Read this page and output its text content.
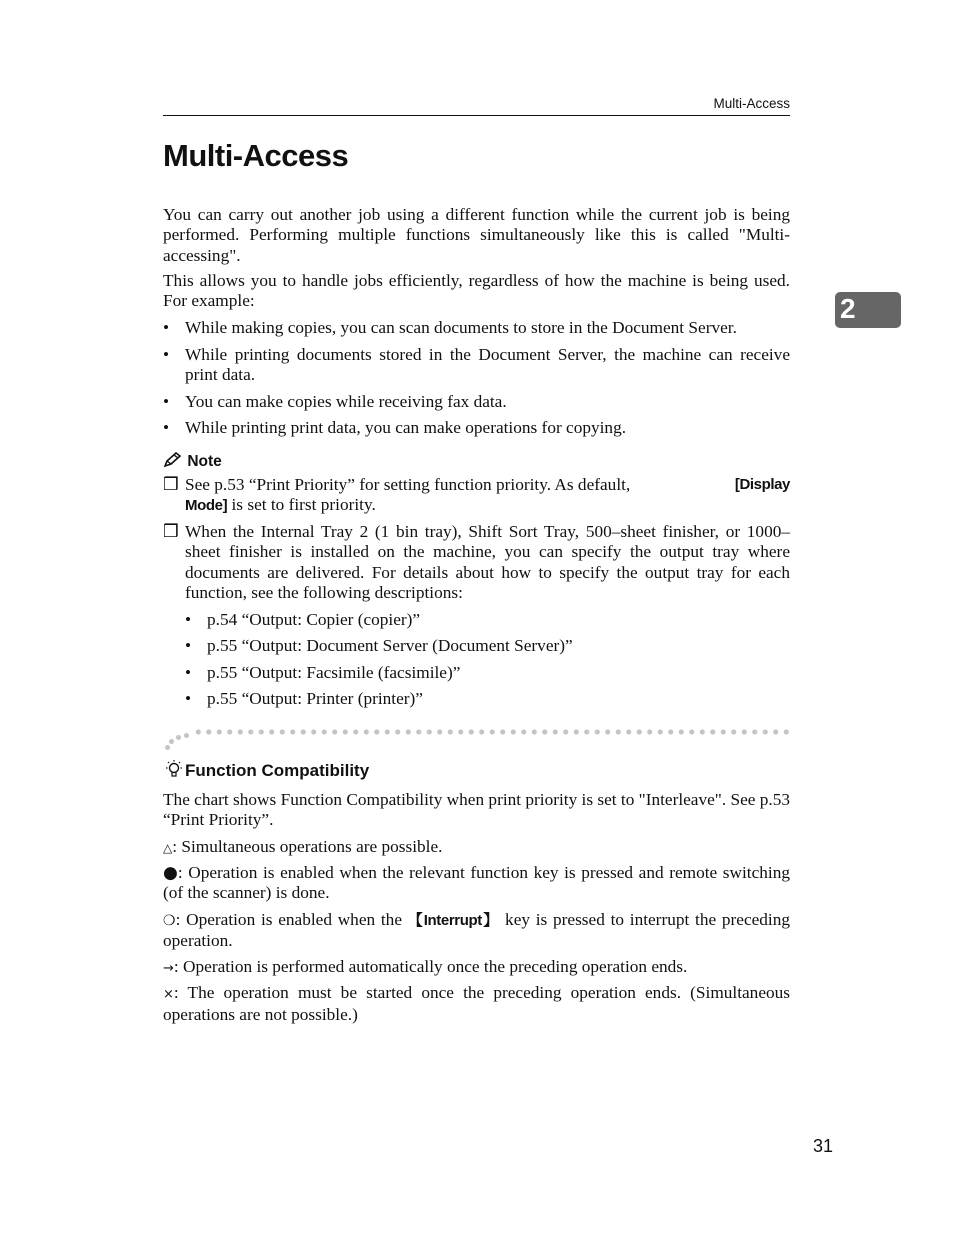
Multi-Access
Multi-Access
2

You can carry out another job using a different function while the current job is being performed. Performing multiple functions simultaneously like this is called "Multi-accessing".

This allows you to handle jobs efficiently, regardless of how the machine is being used. For example:

• While making copies, you can scan documents to store in the Document Server.
• While printing documents stored in the Document Server, the machine can receive print data.
• You can make copies while receiving fax data.
• While printing print data, you can make operations for copying.
Note
❒ See p.53 “Print Priority” for setting function priority. As default,	[Display

Mode] is set to first priority.
❒ When the Internal Tray 2 (1 bin tray), Shift Sort Tray, 500–sheet finisher, or 1000–sheet finisher is installed on the machine, you can specify the output tray where documents are delivered. For details about how to specify the output tray for each function, see the following descriptions:
• p.54 “Output: Copier (copier)”
• p.55 “Output: Document Server (Document Server)”
• p.55 “Output: Facsimile (facsimile)”
• p.55 “Output: Printer (printer)”
Function Compatibility

The chart shows Function Compatibility when print priority is set to "Interleave". See p.53 “Print Priority”.

△: Simultaneous operations are possible.

●: Operation is enabled when the relevant function key is pressed and remote switching (of the scanner) is done.

❍: Operation is enabled when the 【Interrupt】 key is pressed to interrupt the preceding operation.

→: Operation is performed automatically once the preceding operation ends.

×: The operation must be started once the preceding operation ends. (Simultaneous operations are not possible.)

31
